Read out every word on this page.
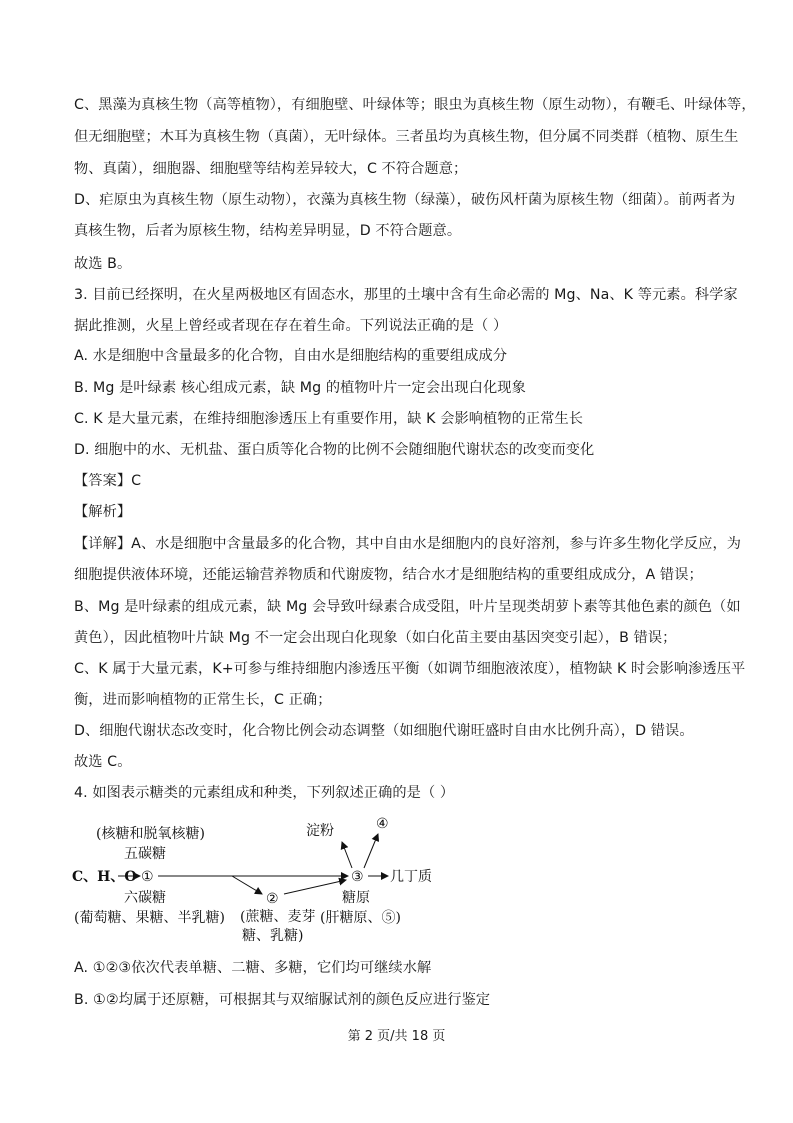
C、黑藻为真核生物（高等植物），有细胞壁、叶绿体等；眼虫为真核生物（原生动物），有鞭毛、叶绿体等，
但无细胞壁；木耳为真核生物（真菌），无叶绿体。三者虽均为真核生物，但分属不同类群（植物、原生生
物、真菌），细胞器、细胞壁等结构差异较大，C 不符合题意；
D、疟原虫为真核生物（原生动物），衣藻为真核生物（绿藻），破伤风杆菌为原核生物（细菌）。前两者为
真核生物，后者为原核生物，结构差异明显，D 不符合题意。
故选 B。
3. 目前已经探明，在火星两极地区有固态水，那里的土壤中含有生命必需的 Mg、Na、K 等元素。科学家
据此推测，火星上曾经或者现在存在着生命。下列说法正确的是（ ）
A. 水是细胞中含量最多的化合物，自由水是细胞结构的重要组成成分
B. Mg 是叶绿素 核心组成元素，缺 Mg 的植物叶片一定会出现白化现象
C. K 是大量元素，在维持细胞渗透压上有重要作用，缺 K 会影响植物的正常生长
D. 细胞中的水、无机盐、蛋白质等化合物的比例不会随细胞代谢状态的改变而变化
【答案】C
【解析】
【详解】A、水是细胞中含量最多的化合物，其中自由水是细胞内的良好溶剂，参与许多生物化学反应，为
细胞提供液体环境，还能运输营养物质和代谢废物，结合水才是细胞结构的重要组成成分，A 错误；
B、Mg 是叶绿素的组成元素，缺 Mg 会导致叶绿素合成受阻，叶片呈现类胡萝卜素等其他色素的颜色（如
黄色），因此植物叶片缺 Mg 不一定会出现白化现象（如白化苗主要由基因突变引起），B 错误；
C、K 属于大量元素，K+可参与维持细胞内渗透压平衡（如调节细胞液浓度），植物缺 K 时会影响渗透压平
衡，进而影响植物的正常生长，C 正确；
D、细胞代谢状态改变时，化合物比例会动态调整（如细胞代谢旺盛时自由水比例升高），D 错误。
故选 C。
4. 如图表示糖类的元素组成和种类，下列叙述正确的是（ ）
(核糖和脱氧核糖)
五碳糖
C、H、O ①
六碳糖
(葡萄糖、果糖、半乳糖)
②
(蔗糖、麦芽
糖、乳糖)
③
淀粉	④
几丁质
糖原
(肝糖原、⑤)
A. ①②③依次代表单糖、二糖、多糖，它们均可继续水解
B. ①②均属于还原糖，可根据其与双缩脲试剂的颜色反应进行鉴定
第 2 页/共 18 页
